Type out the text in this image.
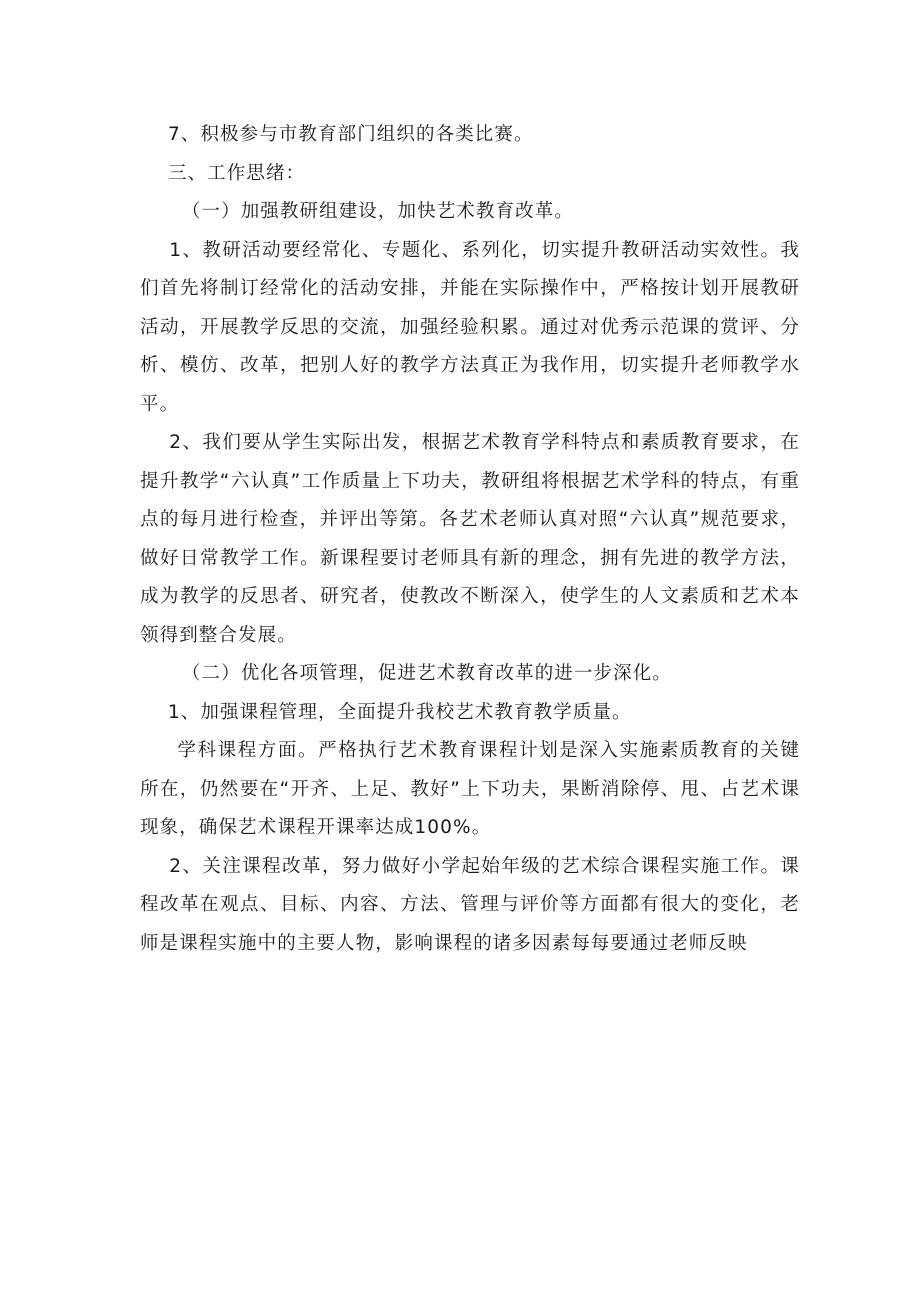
7、积极参与市教育部门组织的各类比赛。

三、工作思绪：

（一）加强教研组建设，加快艺术教育改革。

1、教研活动要经常化、专题化、系列化，切实提升教研活动实效性。我们首先将制订经常化的活动安排，并能在实际操作中，严格按计划开展教研活动，开展教学反思的交流，加强经验积累。通过对优秀示范课的赏评、分析、模仿、改革，把别人好的教学方法真正为我作用，切实提升老师教学水平。

2、我们要从学生实际出发，根据艺术教育学科特点和素质教育要求，在提升教学“六认真”工作质量上下功夫，教研组将根据艺术学科的特点，有重点的每月进行检查，并评出等第。各艺术老师认真对照“六认真”规范要求，做好日常教学工作。新课程要讨老师具有新的理念，拥有先进的教学方法，成为教学的反思者、研究者，使教改不断深入，使学生的人文素质和艺术本领得到整合发展。

（二）优化各项管理，促进艺术教育改革的进一步深化。

1、加强课程管理，全面提升我校艺术教育教学质量。

学科课程方面。严格执行艺术教育课程计划是深入实施素质教育的关键所在，仍然要在“开齐、上足、教好”上下功夫，果断消除停、甩、占艺术课现象，确保艺术课程开课率达成100%。

2、关注课程改革，努力做好小学起始年级的艺术综合课程实施工作。课程改革在观点、目标、内容、方法、管理与评价等方面都有很大的变化，老师是课程实施中的主要人物，影响课程的诸多因素每每要通过老师反映
